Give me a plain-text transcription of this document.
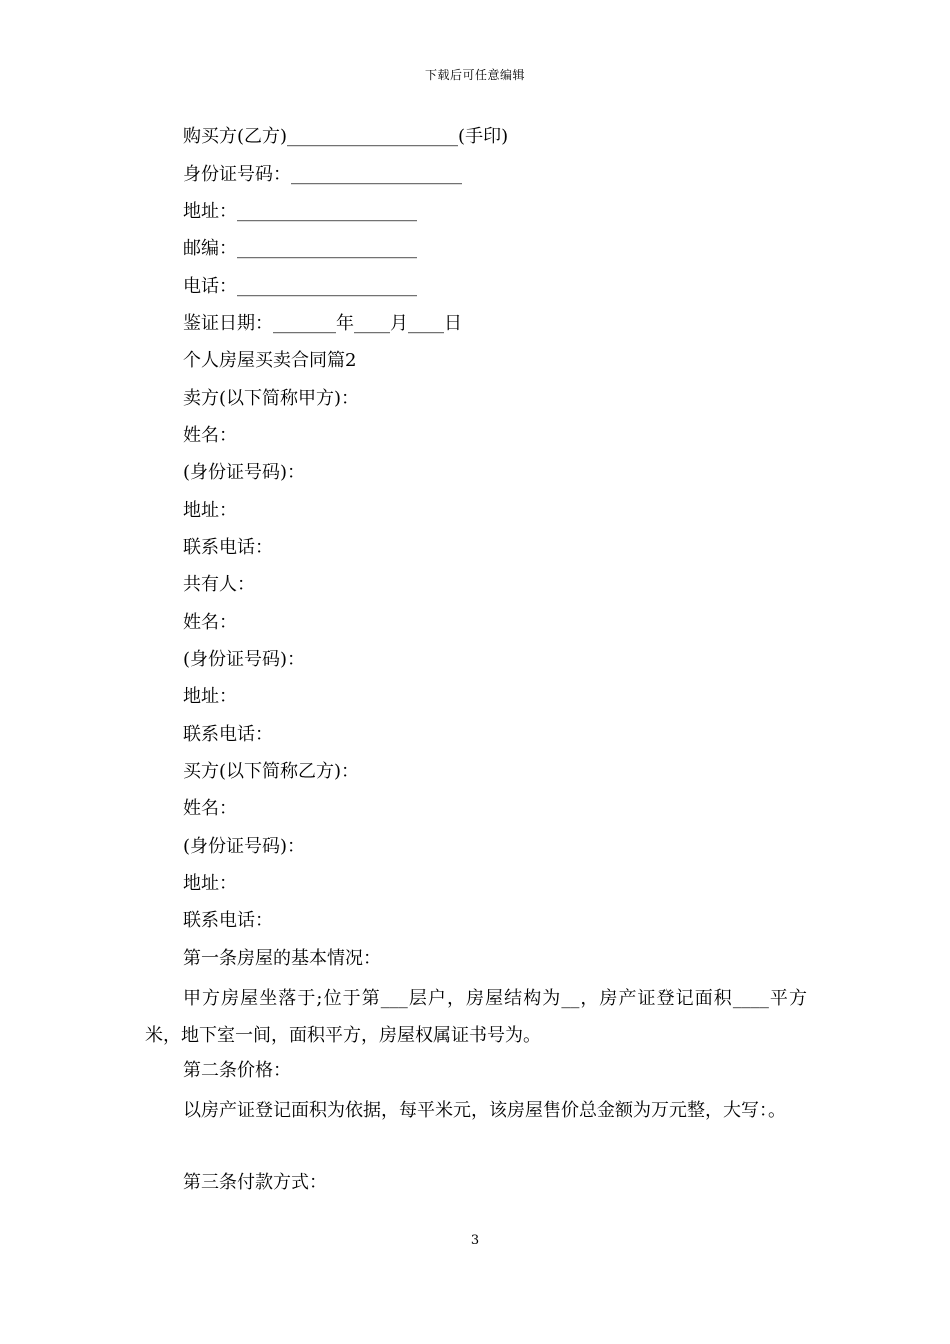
下载后可任意编辑
购买方(乙方)___________________(手印)
身份证号码：___________________
地址：____________________
邮编：____________________
电话：____________________
鉴证日期：_______年____月____日
个人房屋买卖合同篇2
卖方(以下简称甲方)：
姓名：
(身份证号码)：
地址：
联系电话：
共有人：
姓名：
(身份证号码)：
地址：
联系电话：
买方(以下简称乙方)：
姓名：
(身份证号码)：
地址：
联系电话：
第一条房屋的基本情况：
甲方房屋坐落于;位于第___层户，房屋结构为__，房产证登记面积____平方米，地下室一间，面积平方，房屋权属证书号为。
第二条价格：
以房产证登记面积为依据，每平米元，该房屋售价总金额为万元整，大写：。
第三条付款方式：
3
